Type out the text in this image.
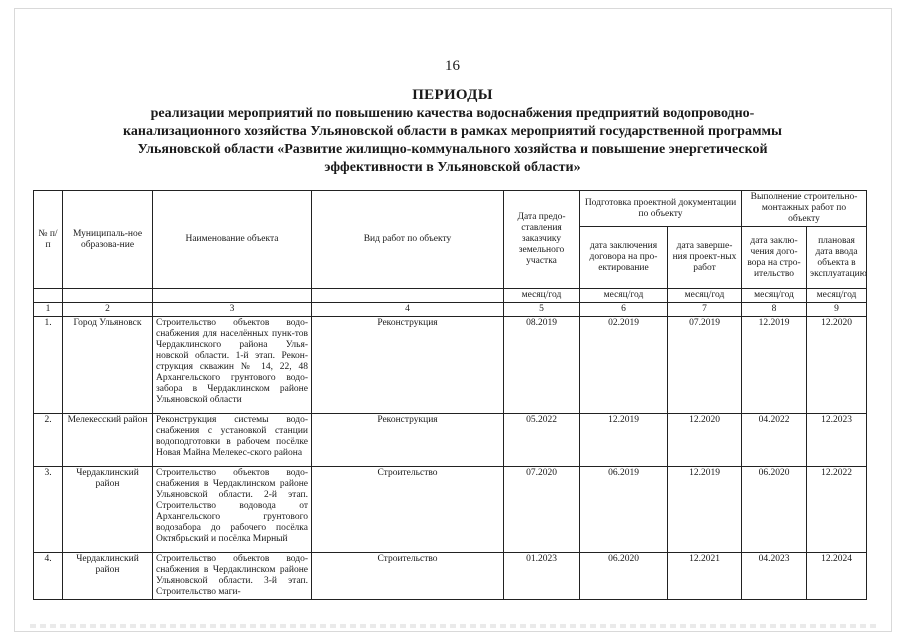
16
ПЕРИОДЫ
реализации мероприятий по повышению качества водоснабжения предприятий водопроводно-канализационного хозяйства Ульяновской области в рамках мероприятий государственной программы Ульяновской области «Развитие жилищно-коммунального хозяйства и повышение энергетической эффективности в Ульяновской области»
№ п/п	Муниципаль-ное образова-ние	Наименование объекта	Вид работ по объекту	Дата предо-ставления заказчику земельного участка	Подготовка проектной документации по объекту		Выполнение строительно-монтажных работ по объекту	
					дата заключения договора на про-ектирование	дата заверше-ния проект-ных работ	дата заклю-чения дого-вора на стро-ительство	плановая дата ввода объекта в эксплуатацию
				месяц/год	месяц/год	месяц/год	месяц/год	месяц/год
1	2	3	4	5	6	7	8	9
1.	Город Ульяновск	Строительство объектов водо-снабжения для населённых пунк-тов Чердаклинского района Улья-новской области. 1-й этап. Рекон-струкция скважин № 14, 22, 48 Архангельского грунтового водо-забора в Чердаклинском районе Ульяновской области	Реконструкция	08.2019	02.2019	07.2019	12.2019	12.2020
2.	Мелекесский район	Реконструкция системы водо-снабжения с установкой станции водоподготовки в рабочем посёлке Новая Майна Мелекес-ского района	Реконструкция	05.2022	12.2019	12.2020	04.2022	12.2023
3.	Чердаклинский район	Строительство объектов водо-снабжения в Чердаклинском районе Ульяновской области. 2-й этап. Строительство водовода от Архангельского грунтового водозабора до рабочего посёлка Октябрьский и посёлка Мирный	Строительство	07.2020	06.2019	12.2019	06.2020	12.2022
4.	Чердаклинский район	Строительство объектов водо-снабжения в Чердаклинском районе Ульяновской области. 3-й этап. Строительство маги-	Строительство	01.2023	06.2020	12.2021	04.2023	12.2024
